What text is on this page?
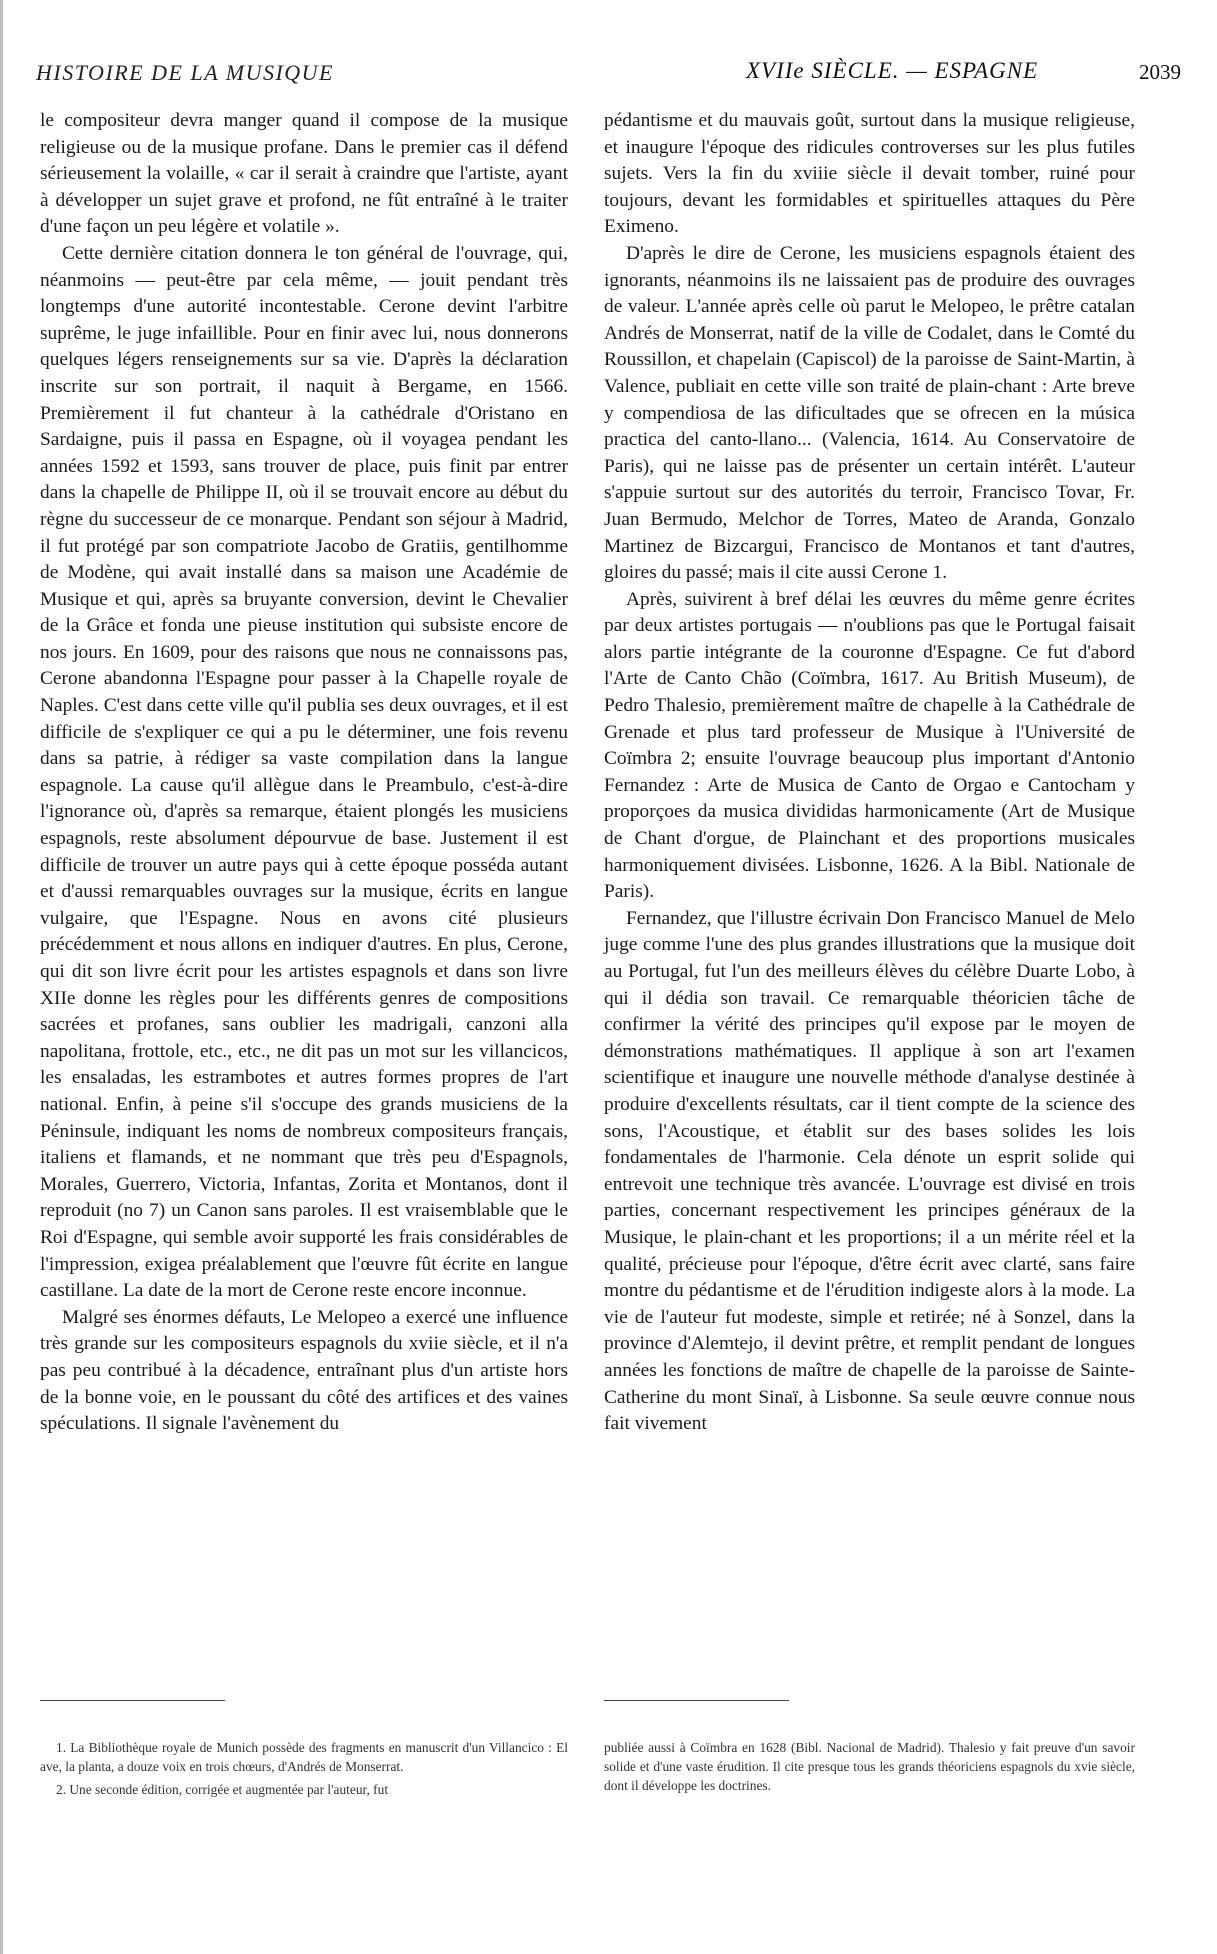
HISTOIRE DE LA MUSIQUE	XVIIe SIÈCLE. — ESPAGNE	2039

le compositeur devra manger quand il compose de la musique religieuse ou de la musique profane. Dans le premier cas il défend sérieusement la volaille, « car il serait à craindre que l'artiste, ayant à développer un sujet grave et profond, ne fût entraîné à le traiter d'une façon un peu légère et volatile ».

Cette dernière citation donnera le ton général de l'ouvrage, qui, néanmoins — peut-être par cela même, — jouit pendant très longtemps d'une autorité incontestable. Cerone devint l'arbitre suprême, le juge infaillible. Pour en finir avec lui, nous donnerons quelques légers renseignements sur sa vie. D'après la déclaration inscrite sur son portrait, il naquit à Bergame, en 1566. Premièrement il fut chanteur à la cathédrale d'Oristano en Sardaigne, puis il passa en Espagne, où il voyagea pendant les années 1592 et 1593, sans trouver de place, puis finit par entrer dans la chapelle de Philippe II, où il se trouvait encore au début du règne du successeur de ce monarque. Pendant son séjour à Madrid, il fut protégé par son compatriote Jacobo de Gratiis, gentilhomme de Modène, qui avait installé dans sa maison une Académie de Musique et qui, après sa bruyante conversion, devint le Chevalier de la Grâce et fonda une pieuse institution qui subsiste encore de nos jours. En 1609, pour des raisons que nous ne connaissons pas, Cerone abandonna l'Espagne pour passer à la Chapelle royale de Naples. C'est dans cette ville qu'il publia ses deux ouvrages, et il est difficile de s'expliquer ce qui a pu le déterminer, une fois revenu dans sa patrie, à rédiger sa vaste compilation dans la langue espagnole. La cause qu'il allègue dans le Preambulo, c'est-à-dire l'ignorance où, d'après sa remarque, étaient plongés les musiciens espagnols, reste absolument dépourvue de base. Justement il est difficile de trouver un autre pays qui à cette époque posséda autant et d'aussi remarquables ouvrages sur la musique, écrits en langue vulgaire, que l'Espagne. Nous en avons cité plusieurs précédemment et nous allons en indiquer d'autres. En plus, Cerone, qui dit son livre écrit pour les artistes espagnols et dans son livre XIIe donne les règles pour les différents genres de compositions sacrées et profanes, sans oublier les madrigali, canzoni alla napolitana, frottole, etc., etc., ne dit pas un mot sur les villancicos, les ensaladas, les estrambotes et autres formes propres de l'art national. Enfin, à peine s'il s'occupe des grands musiciens de la Péninsule, indiquant les noms de nombreux compositeurs français, italiens et flamands, et ne nommant que très peu d'Espagnols, Morales, Guerrero, Victoria, Infantas, Zorita et Montanos, dont il reproduit (no 7) un Canon sans paroles. Il est vraisemblable que le Roi d'Espagne, qui semble avoir supporté les frais considérables de l'impression, exigea préalablement que l'œuvre fût écrite en langue castillane. La date de la mort de Cerone reste encore inconnue.

Malgré ses énormes défauts, Le Melopeo a exercé une influence très grande sur les compositeurs espagnols du xviie siècle, et il n'a pas peu contribué à la décadence, entraînant plus d'un artiste hors de la bonne voie, en le poussant du côté des artifices et des vaines spéculations. Il signale l'avènement du

pédantisme et du mauvais goût, surtout dans la musique religieuse, et inaugure l'époque des ridicules controverses sur les plus futiles sujets. Vers la fin du xviiie siècle il devait tomber, ruiné pour toujours, devant les formidables et spirituelles attaques du Père Eximeno.

D'après le dire de Cerone, les musiciens espagnols étaient des ignorants, néanmoins ils ne laissaient pas de produire des ouvrages de valeur. L'année après celle où parut le Melopeo, le prêtre catalan Andrés de Monserrat, natif de la ville de Codalet, dans le Comté du Roussillon, et chapelain (Capiscol) de la paroisse de Saint-Martin, à Valence, publiait en cette ville son traité de plain-chant : Arte breve y compendiosa de las dificultades que se ofrecen en la música practica del canto-llano... (Valencia, 1614. Au Conservatoire de Paris), qui ne laisse pas de présenter un certain intérêt. L'auteur s'appuie surtout sur des autorités du terroir, Francisco Tovar, Fr. Juan Bermudo, Melchor de Torres, Mateo de Aranda, Gonzalo Martinez de Bizcargui, Francisco de Montanos et tant d'autres, gloires du passé; mais il cite aussi Cerone 1.

Après, suivirent à bref délai les œuvres du même genre écrites par deux artistes portugais — n'oublions pas que le Portugal faisait alors partie intégrante de la couronne d'Espagne. Ce fut d'abord l'Arte de Canto Chão (Coïmbra, 1617. Au British Museum), de Pedro Thalesio, premièrement maître de chapelle à la Cathédrale de Grenade et plus tard professeur de Musique à l'Université de Coïmbra 2; ensuite l'ouvrage beaucoup plus important d'Antonio Fernandez : Arte de Musica de Canto de Orgao e Cantocham y proporçoes da musica divididas harmonicamente (Art de Musique de Chant d'orgue, de Plainchant et des proportions musicales harmoniquement divisées. Lisbonne, 1626. A la Bibl. Nationale de Paris).

Fernandez, que l'illustre écrivain Don Francisco Manuel de Melo juge comme l'une des plus grandes illustrations que la musique doit au Portugal, fut l'un des meilleurs élèves du célèbre Duarte Lobo, à qui il dédia son travail. Ce remarquable théoricien tâche de confirmer la vérité des principes qu'il expose par le moyen de démonstrations mathématiques. Il applique à son art l'examen scientifique et inaugure une nouvelle méthode d'analyse destinée à produire d'excellents résultats, car il tient compte de la science des sons, l'Acoustique, et établit sur des bases solides les lois fondamentales de l'harmonie. Cela dénote un esprit solide qui entrevoit une technique très avancée. L'ouvrage est divisé en trois parties, concernant respectivement les principes généraux de la Musique, le plain-chant et les proportions; il a un mérite réel et la qualité, précieuse pour l'époque, d'être écrit avec clarté, sans faire montre du pédantisme et de l'érudition indigeste alors à la mode. La vie de l'auteur fut modeste, simple et retirée; né à Sonzel, dans la province d'Alemtejo, il devint prêtre, et remplit pendant de longues années les fonctions de maître de chapelle de la paroisse de Sainte-Catherine du mont Sinaï, à Lisbonne. Sa seule œuvre connue nous fait vivement

1. La Bibliothèque royale de Munich possède des fragments en manuscrit d'un Villancico : El ave, la planta, a douze voix en trois chœurs, d'Andrés de Monserrat.

2. Une seconde édition, corrigée et augmentée par l'auteur, fut

publiée aussi à Coïmbra en 1628 (Bibl. Nacional de Madrid). Thalesio y fait preuve d'un savoir solide et d'une vaste érudition. Il cite presque tous les grands théoriciens espagnols du xvie siècle, dont il développe les doctrines.
